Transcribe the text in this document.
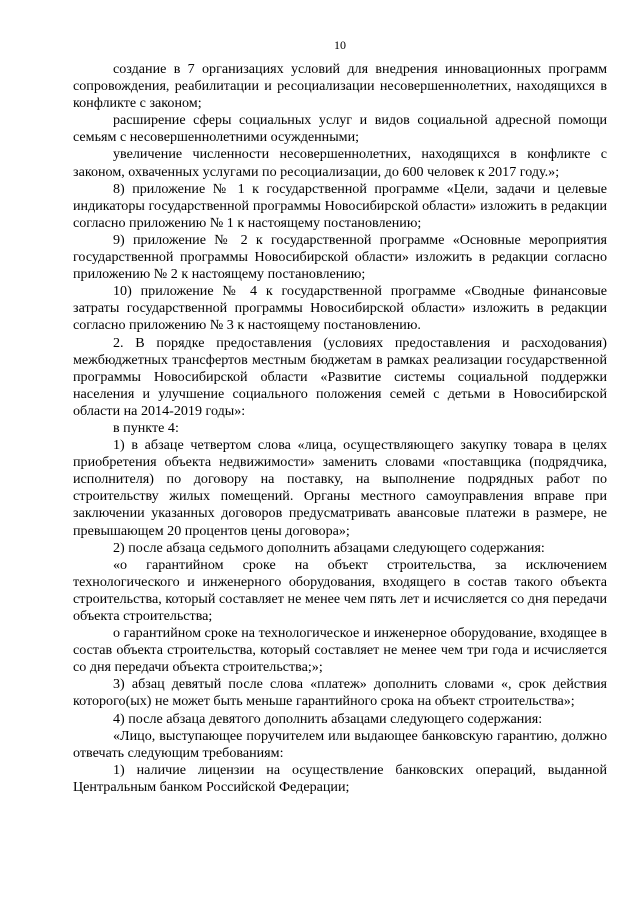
10

создание в 7 организациях условий для внедрения инновационных программ сопровождения, реабилитации и ресоциализации несовершеннолетних, находящихся в конфликте с законом;

расширение сферы социальных услуг и видов социальной адресной помощи семьям с несовершеннолетними осужденными;

увеличение численности несовершеннолетних, находящихся в конфликте с законом, охваченных услугами по ресоциализации, до 600 человек к 2017 году.»;

8) приложение № 1 к государственной программе «Цели, задачи и целевые индикаторы государственной программы Новосибирской области» изложить в редакции согласно приложению № 1 к настоящему постановлению;

9) приложение № 2 к государственной программе «Основные мероприятия государственной программы Новосибирской области» изложить в редакции согласно приложению № 2 к настоящему постановлению;

10) приложение № 4 к государственной программе «Сводные финансовые затраты государственной программы Новосибирской области» изложить в редакции согласно приложению № 3 к настоящему постановлению.

2. В порядке предоставления (условиях предоставления и расходования) межбюджетных трансфертов местным бюджетам в рамках реализации государственной программы Новосибирской области «Развитие системы социальной поддержки населения и улучшение социального положения семей с детьми в Новосибирской области на 2014-2019 годы»:

в пункте 4:

1) в абзаце четвертом слова «лица, осуществляющего закупку товара в целях приобретения объекта недвижимости» заменить словами «поставщика (подрядчика, исполнителя) по договору на поставку, на выполнение подрядных работ по строительству жилых помещений. Органы местного самоуправления вправе при заключении указанных договоров предусматривать авансовые платежи в размере, не превышающем 20 процентов цены договора»;

2) после абзаца седьмого дополнить абзацами следующего содержания:

«о гарантийном сроке на объект строительства, за исключением технологического и инженерного оборудования, входящего в состав такого объекта строительства, который составляет не менее чем пять лет и исчисляется со дня передачи объекта строительства;

о гарантийном сроке на технологическое и инженерное оборудование, входящее в состав объекта строительства, который составляет не менее чем три года и исчисляется со дня передачи объекта строительства;»;

3) абзац девятый после слова «платеж» дополнить словами «, срок действия которого(ых) не может быть меньше гарантийного срока на объект строительства»;

4) после абзаца девятого дополнить абзацами следующего содержания:

«Лицо, выступающее поручителем или выдающее банковскую гарантию, должно отвечать следующим требованиям:

1) наличие лицензии на осуществление банковских операций, выданной Центральным банком Российской Федерации;
